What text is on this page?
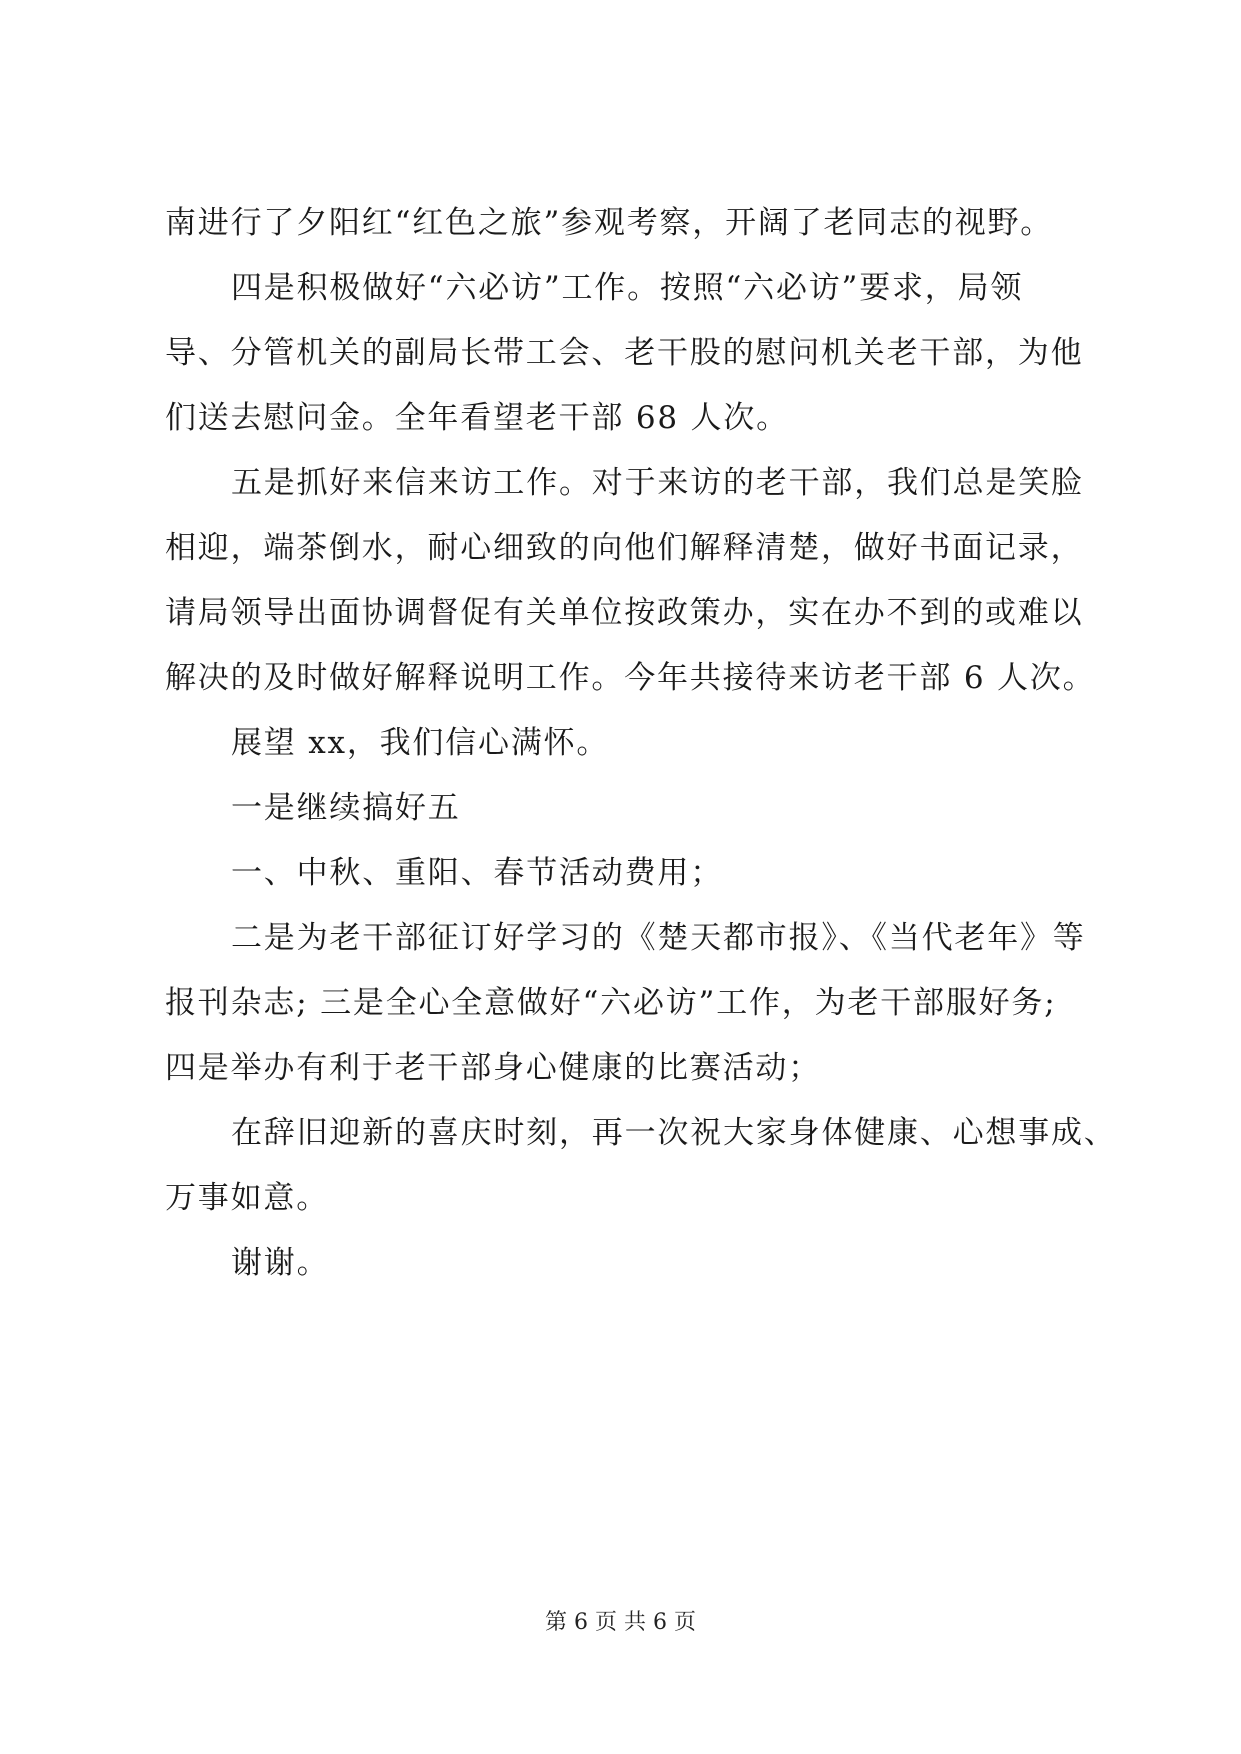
南进行了夕阳红“红色之旅”参观考察，开阔了老同志的视野。
四是积极做好“六必访”工作。按照“六必访”要求，局领
导、分管机关的副局长带工会、老干股的慰问机关老干部，为他
们送去慰问金。全年看望老干部 68 人次。
五是抓好来信来访工作。对于来访的老干部，我们总是笑脸
相迎，端茶倒水，耐心细致的向他们解释清楚，做好书面记录，
请局领导出面协调督促有关单位按政策办，实在办不到的或难以
解决的及时做好解释说明工作。今年共接待来访老干部 6 人次。
展望 xx，我们信心满怀。
一是继续搞好五
一、中秋、重阳、春节活动费用；
二是为老干部征订好学习的《楚天都市报》、《当代老年》等
报刊杂志; 三是全心全意做好“六必访”工作，为老干部服好务;
四是举办有利于老干部身心健康的比赛活动；
在辞旧迎新的喜庆时刻，再一次祝大家身体健康、心想事成、
万事如意。
谢谢。
第 6 页 共 6 页
